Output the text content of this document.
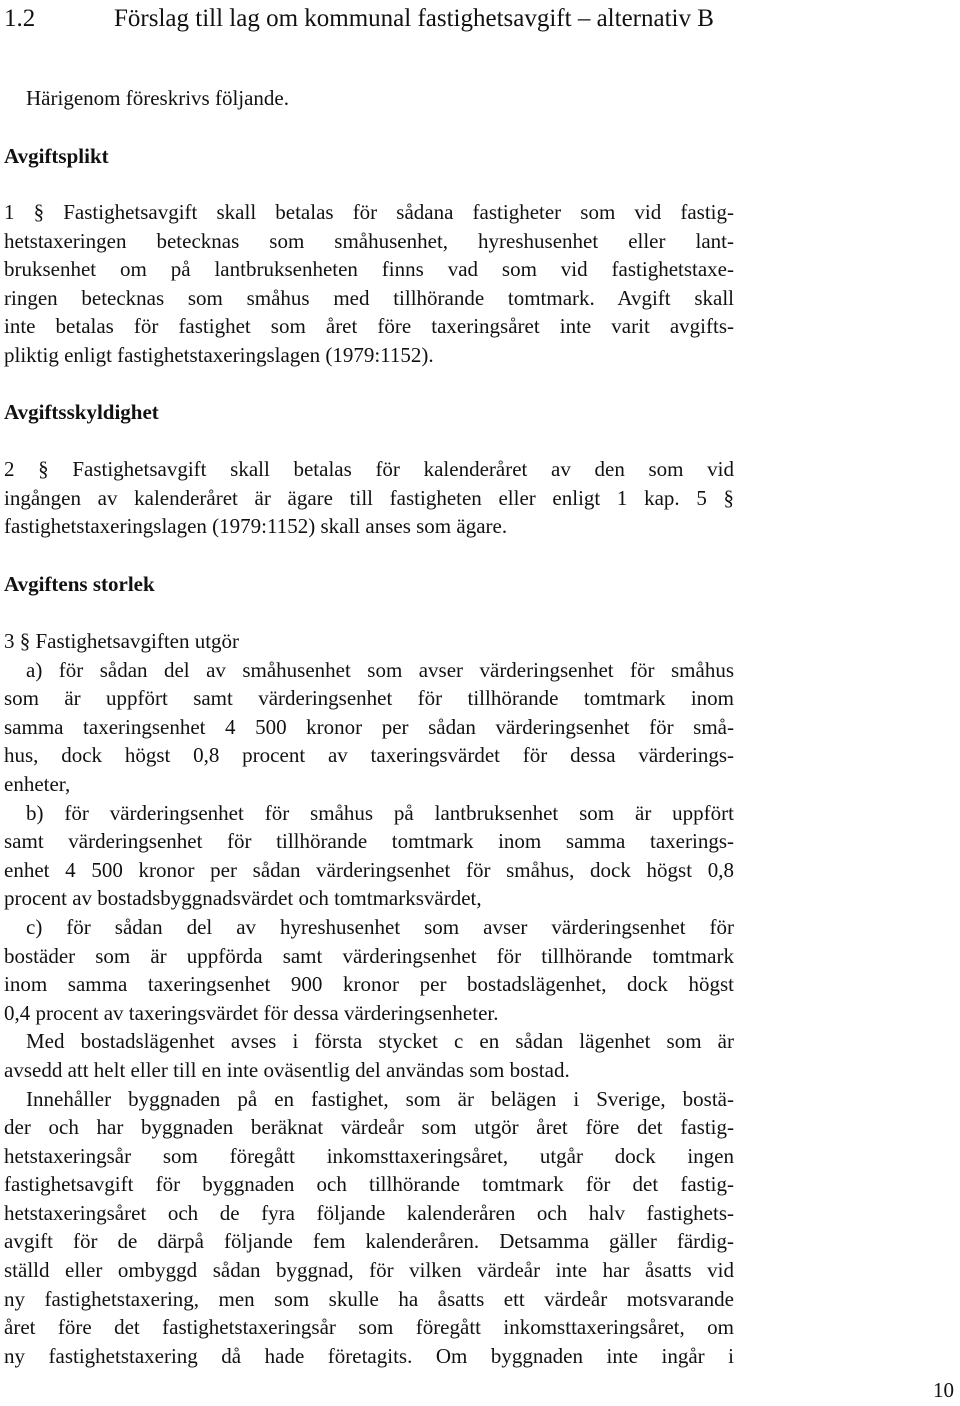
1.2	Förslag till lag om kommunal fastighetsavgift – alternativ B
Härigenom föreskrivs följande.
Avgiftsplikt
1 § Fastighetsavgift skall betalas för sådana fastigheter som vid fastig-
hetstaxeringen betecknas som småhusenhet, hyreshusenhet eller lant-
bruksenhet om på lantbruksenheten finns vad som vid fastighetstaxe-
ringen betecknas som småhus med tillhörande tomtmark. Avgift skall
inte betalas för fastighet som året före taxeringsåret inte varit avgifts-
pliktig enligt fastighetstaxeringslagen (1979:1152).
Avgiftsskyldighet
2 § Fastighetsavgift skall betalas för kalenderåret av den som vid
ingången av kalenderåret är ägare till fastigheten eller enligt 1 kap. 5 §
fastighetstaxeringslagen (1979:1152) skall anses som ägare.
Avgiftens storlek
3 § Fastighetsavgiften utgör
a) för sådan del av småhusenhet som avser värderingsenhet för småhus
som är uppfört samt värderingsenhet för tillhörande tomtmark inom
samma taxeringsenhet 4 500 kronor per sådan värderingsenhet för små-
hus, dock högst 0,8 procent av taxeringsvärdet för dessa värderings-
enheter,
b) för värderingsenhet för småhus på lantbruksenhet som är uppfört
samt värderingsenhet för tillhörande tomtmark inom samma taxerings-
enhet 4 500 kronor per sådan värderingsenhet för småhus, dock högst 0,8
procent av bostadsbyggnadsvärdet och tomtmarksvärdet,
c) för sådan del av hyreshusenhet som avser värderingsenhet för
bostäder som är uppförda samt värderingsenhet för tillhörande tomtmark
inom samma taxeringsenhet 900 kronor per bostadslägenhet, dock högst
0,4 procent av taxeringsvärdet för dessa värderingsenheter.
Med bostadslägenhet avses i första stycket c en sådan lägenhet som är
avsedd att helt eller till en inte oväsentlig del användas som bostad.
Innehåller byggnaden på en fastighet, som är belägen i Sverige, bostä-
der och har byggnaden beräknat värdeår som utgör året före det fastig-
hetstaxeringsår som föregått inkomsttaxeringsåret, utgår dock ingen
fastighetsavgift för byggnaden och tillhörande tomtmark för det fastig-
hetstaxeringsåret och de fyra följande kalenderåren och halv fastighets-
avgift för de därpå följande fem kalenderåren. Detsamma gäller färdig-
ställd eller ombyggd sådan byggnad, för vilken värdeår inte har åsatts vid
ny fastighetstaxering, men som skulle ha åsatts ett värdeår motsvarande
året före det fastighetstaxeringsår som föregått inkomsttaxeringsåret, om
ny fastighetstaxering då hade företagits. Om byggnaden inte ingår i
10
